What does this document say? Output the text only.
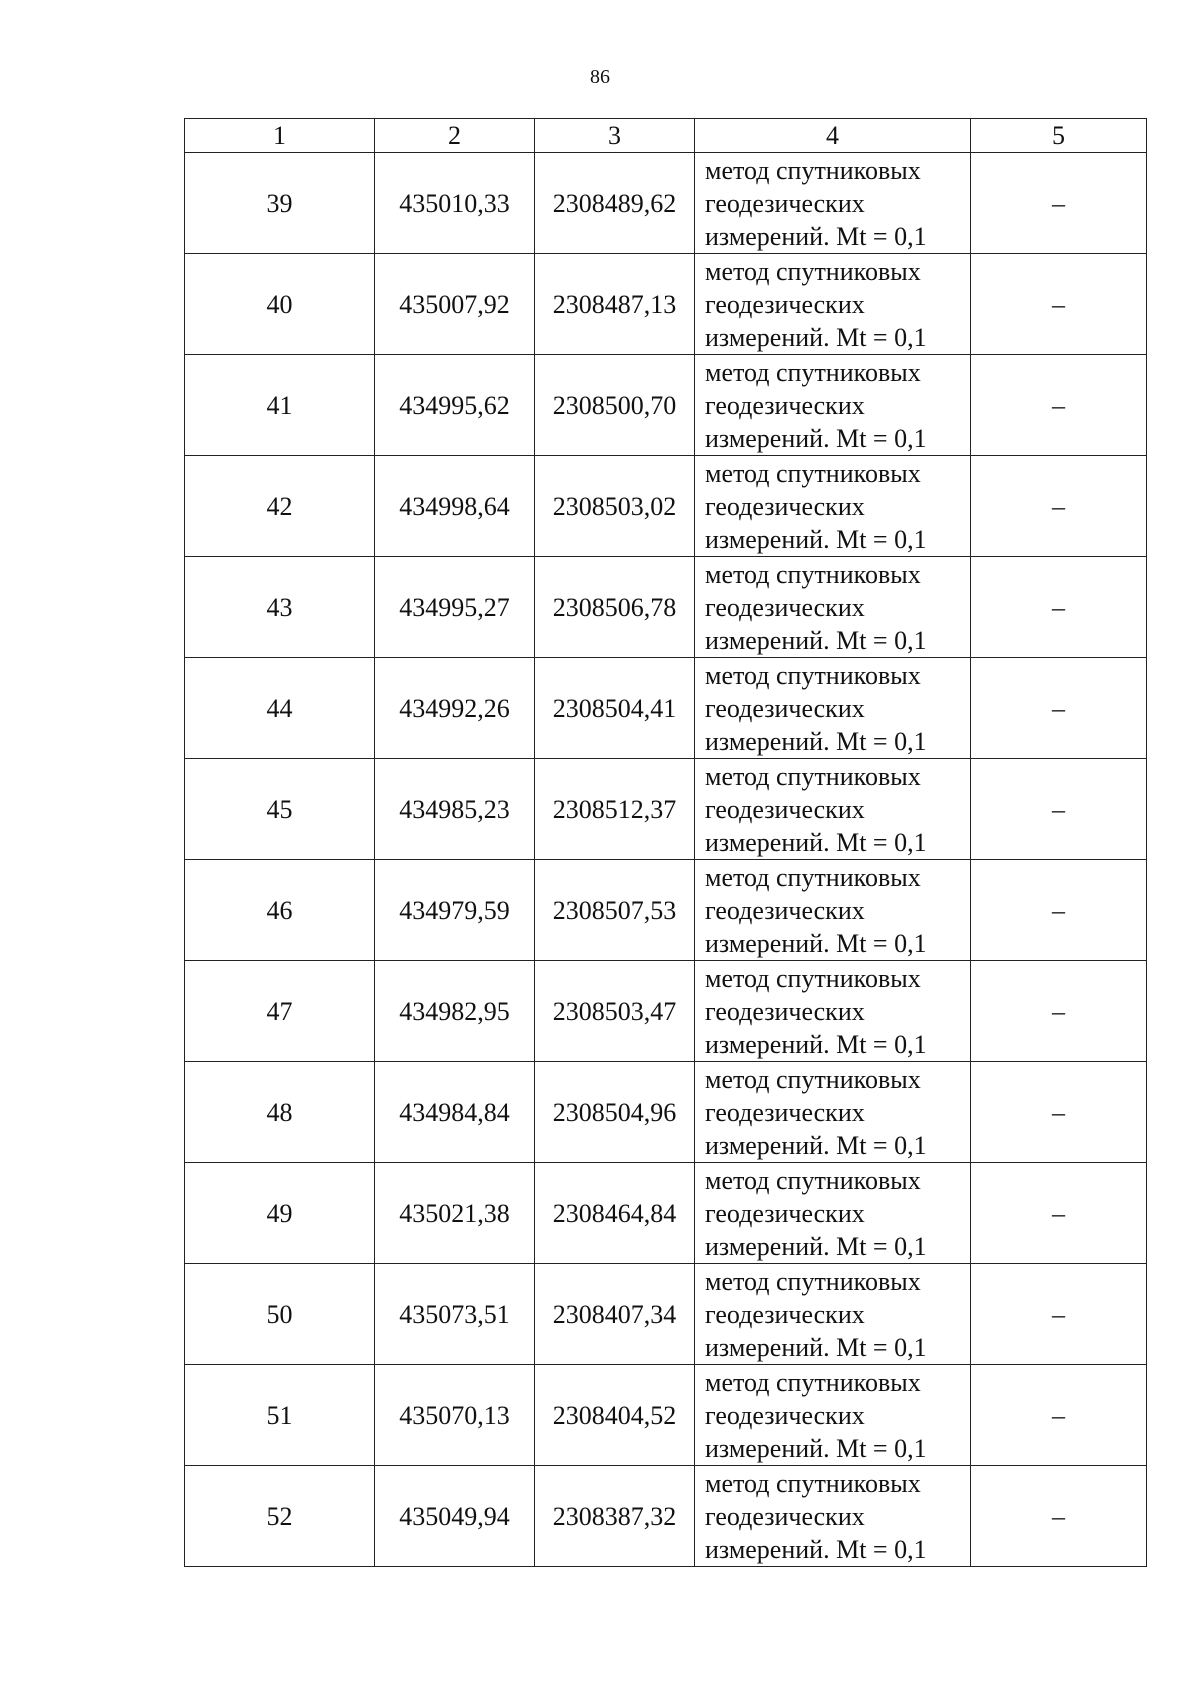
86
1	2	3	4	5
39	435010,33	2308489,62	метод спутниковых
геодезических
измерений. Mt = 0,1	–
40	435007,92	2308487,13	метод спутниковых
геодезических
измерений. Mt = 0,1	–
41	434995,62	2308500,70	метод спутниковых
геодезических
измерений. Mt = 0,1	–
42	434998,64	2308503,02	метод спутниковых
геодезических
измерений. Mt = 0,1	–
43	434995,27	2308506,78	метод спутниковых
геодезических
измерений. Mt = 0,1	–
44	434992,26	2308504,41	метод спутниковых
геодезических
измерений. Mt = 0,1	–
45	434985,23	2308512,37	метод спутниковых
геодезических
измерений. Mt = 0,1	–
46	434979,59	2308507,53	метод спутниковых
геодезических
измерений. Mt = 0,1	–
47	434982,95	2308503,47	метод спутниковых
геодезических
измерений. Mt = 0,1	–
48	434984,84	2308504,96	метод спутниковых
геодезических
измерений. Mt = 0,1	–
49	435021,38	2308464,84	метод спутниковых
геодезических
измерений. Mt = 0,1	–
50	435073,51	2308407,34	метод спутниковых
геодезических
измерений. Mt = 0,1	–
51	435070,13	2308404,52	метод спутниковых
геодезических
измерений. Mt = 0,1	–
52	435049,94	2308387,32	метод спутниковых
геодезических
измерений. Mt = 0,1	–
